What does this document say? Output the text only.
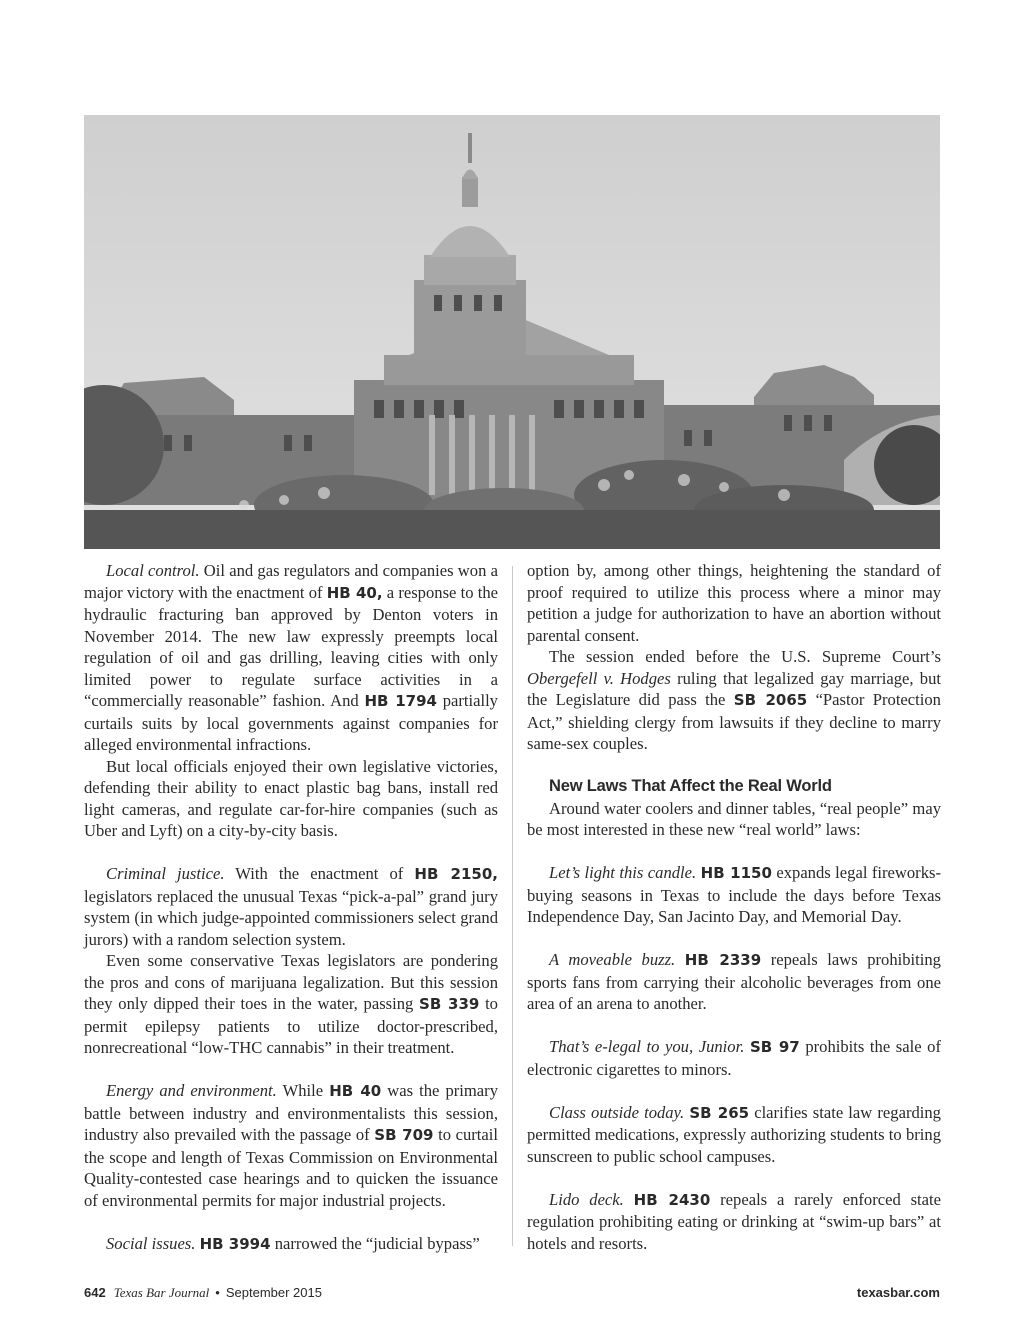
Local control. Oil and gas regulators and companies won a major victory with the enactment of HB 40, a response to the hydraulic fracturing ban approved by Denton voters in November 2014. The new law expressly preempts local regulation of oil and gas drilling, leaving cities with only limited power to regulate surface activities in a “commercially reasonable” fashion. And HB 1794 partially curtails suits by local governments against companies for alleged environmental infractions.

But local officials enjoyed their own legislative victories, defending their ability to enact plastic bag bans, install red light cameras, and regulate car-for-hire companies (such as Uber and Lyft) on a city-by-city basis.

Criminal justice. With the enactment of HB 2150, legislators replaced the unusual Texas “pick-a-pal” grand jury system (in which judge-appointed commissioners select grand jurors) with a random selection system.

Even some conservative Texas legislators are pondering the pros and cons of marijuana legalization. But this session they only dipped their toes in the water, passing SB 339 to permit epilepsy patients to utilize doctor-prescribed, nonrecreational “low-THC cannabis” in their treatment.

Energy and environment. While HB 40 was the primary battle between industry and environmentalists this session, industry also prevailed with the passage of SB 709 to curtail the scope and length of Texas Commission on Environmental Quality-contested case hearings and to quicken the issuance of environmental permits for major industrial projects.

Social issues. HB 3994 narrowed the “judicial bypass”

option by, among other things, heightening the standard of proof required to utilize this process where a minor may petition a judge for authorization to have an abortion without parental consent.

The session ended before the U.S. Supreme Court’s Obergefell v. Hodges ruling that legalized gay marriage, but the Legislature did pass the SB 2065 “Pastor Protection Act,” shielding clergy from lawsuits if they decline to marry same-sex couples.

New Laws That Affect the Real World

Around water coolers and dinner tables, “real people” may be most interested in these new “real world” laws:

Let’s light this candle. HB 1150 expands legal fireworks-buying seasons in Texas to include the days before Texas Independence Day, San Jacinto Day, and Memorial Day.

A moveable buzz. HB 2339 repeals laws prohibiting sports fans from carrying their alcoholic beverages from one area of an arena to another.

That’s e-legal to you, Junior. SB 97 prohibits the sale of electronic cigarettes to minors.

Class outside today. SB 265 clarifies state law regarding permitted medications, expressly authorizing students to bring sunscreen to public school campuses.

Lido deck. HB 2430 repeals a rarely enforced state regulation prohibiting eating or drinking at “swim-up bars” at hotels and resorts.

642 Texas Bar Journal • September 2015	texasbar.com
